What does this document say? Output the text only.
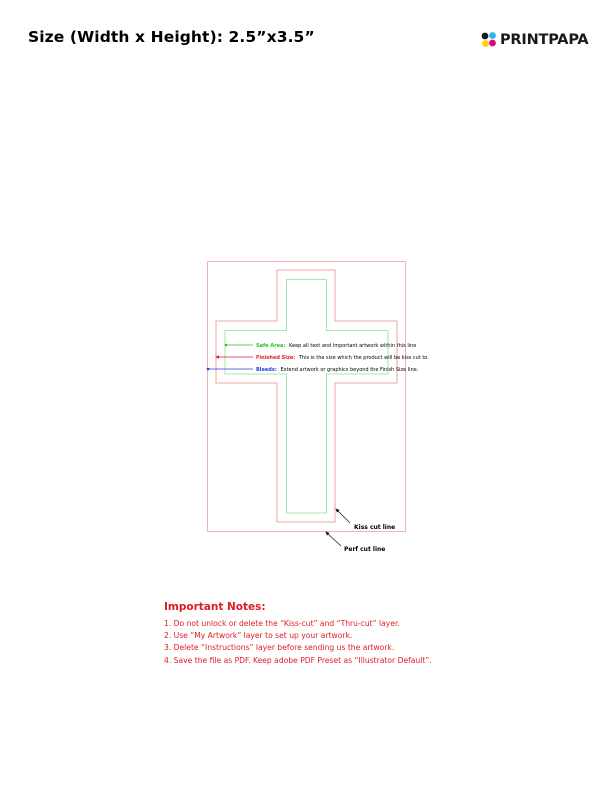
Size (Width x Height): 2.5”x3.5”	PRINTPAPA
Safe Area: Keep all text and important artwork within this line
Finished Size: This is the size which the product will be kiss cut to.
Bleeds: Extend artwork or graphics beyond the Finish Size line.
Kiss cut line
Perf cut line
Important Notes:
1. Do not unlock or delete the “Kiss-cut” and “Thru-cut” layer.
2. Use “My Artwork” layer to set up your artwork.
3. Delete “Instructions” layer before sending us the artwork.
4. Save the file as PDF. Keep adobe PDF Preset as “Illustrator Default”.
